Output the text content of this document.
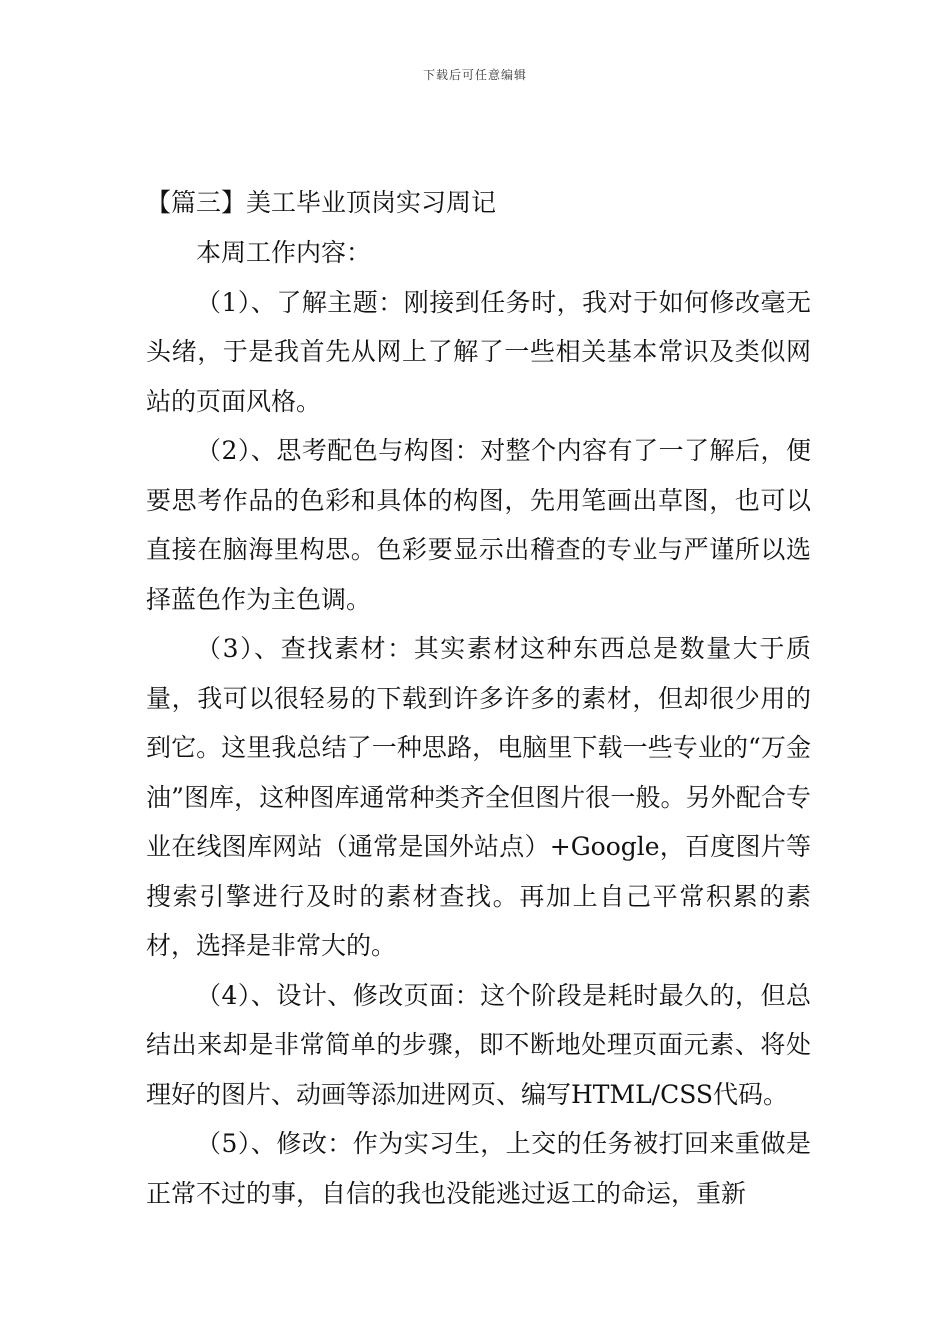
下载后可任意编辑

【篇三】美工毕业顶岗实习周记

本周工作内容：

（1）、了解主题：刚接到任务时，我对于如何修改毫无头绪，于是我首先从网上了解了一些相关基本常识及类似网站的页面风格。

（2）、思考配色与构图：对整个内容有了一了解后，便要思考作品的色彩和具体的构图，先用笔画出草图，也可以直接在脑海里构思。色彩要显示出稽查的专业与严谨所以选择蓝色作为主色调。

（3）、查找素材：其实素材这种东西总是数量大于质量，我可以很轻易的下载到许多许多的素材，但却很少用的到它。这里我总结了一种思路，电脑里下载一些专业的“万金油”图库，这种图库通常种类齐全但图片很一般。另外配合专业在线图库网站（通常是国外站点）+Google，百度图片等搜索引擎进行及时的素材查找。再加上自己平常积累的素材，选择是非常大的。

（4）、设计、修改页面：这个阶段是耗时最久的，但总结出来却是非常简单的步骤，即不断地处理页面元素、将处理好的图片、动画等添加进网页、编写HTML/CSS代码。

（5）、修改：作为实习生，上交的任务被打回来重做是正常不过的事，自信的我也没能逃过返工的命运，重新
